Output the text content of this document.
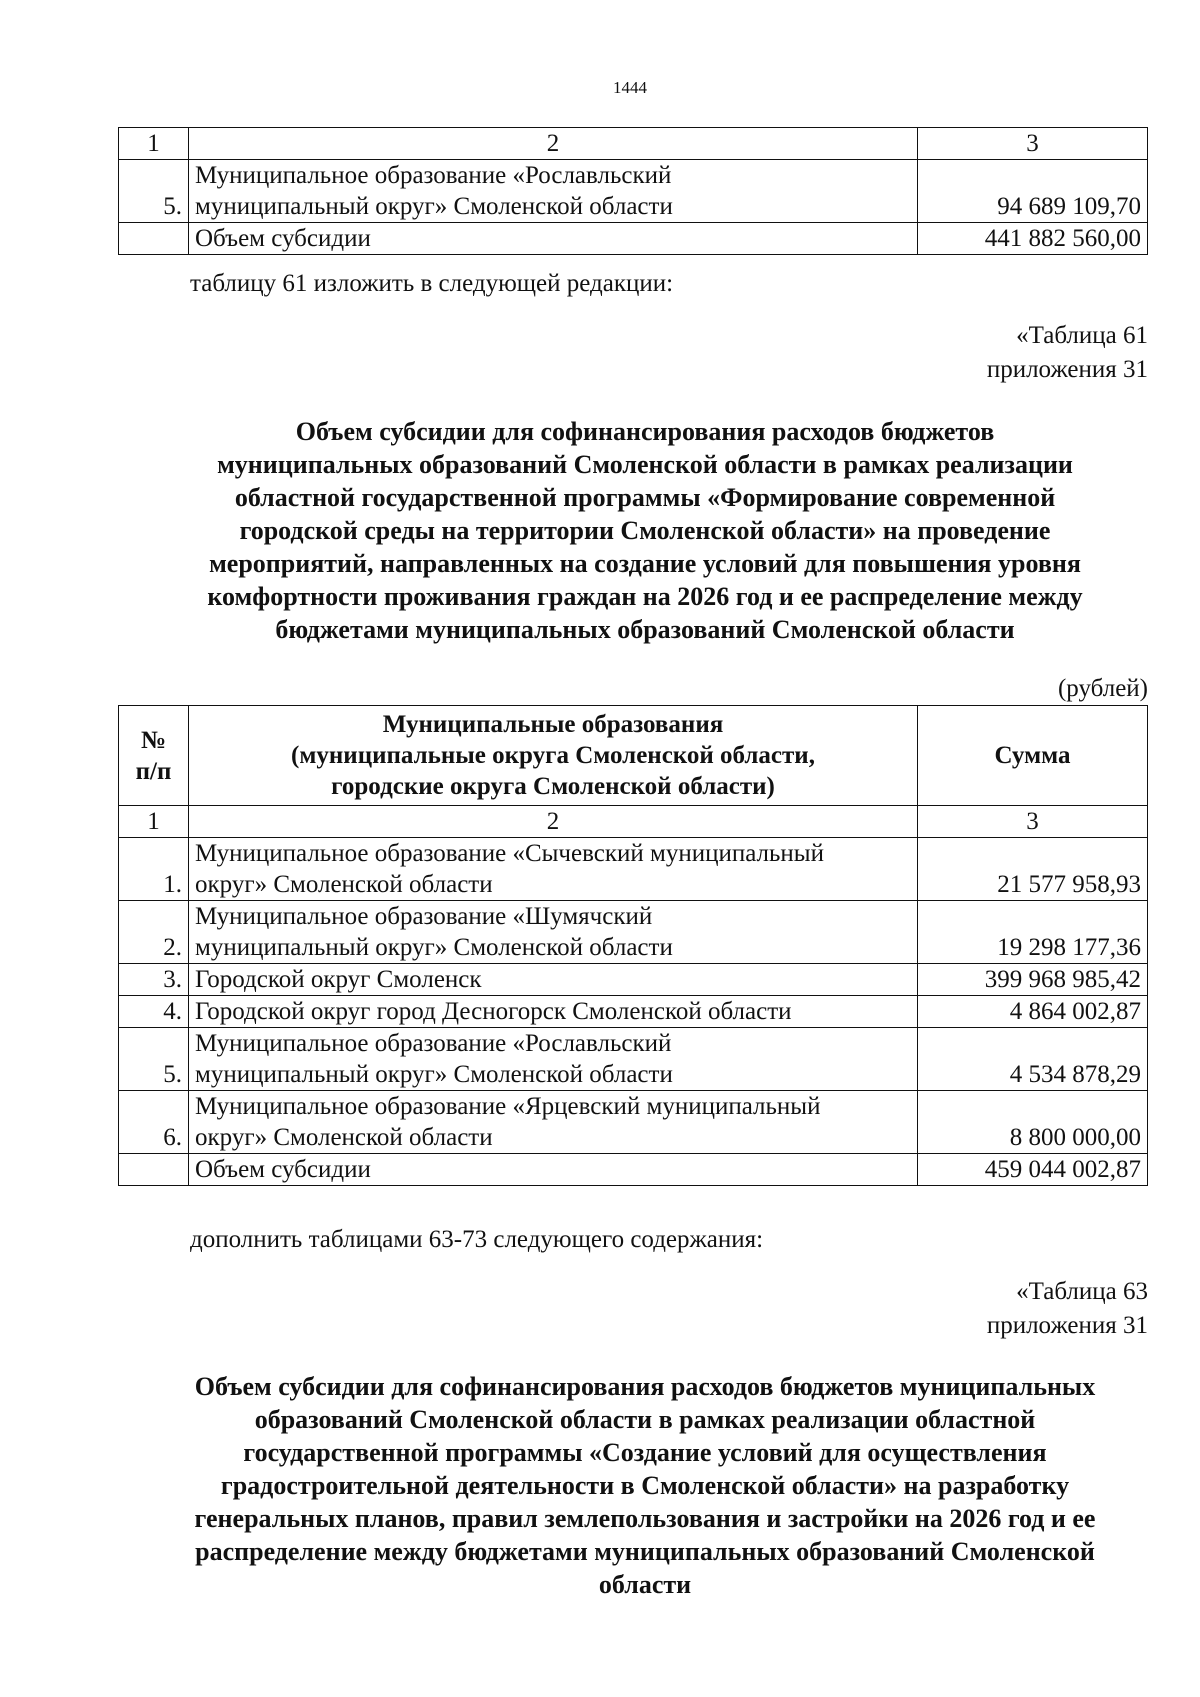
1444
1	2	3
5.	Муниципальное образование «Рославльский
муниципальный округ» Смоленской области	94 689 109,70
	Объем субсидии	441 882 560,00
таблицу 61 изложить в следующей редакции:
«Таблица 61
приложения 31
Объем субсидии для софинансирования расходов бюджетов
муниципальных образований Смоленской области в рамках реализации
областной государственной программы «Формирование современной
городской среды на территории Смоленской области» на проведение
мероприятий, направленных на создание условий для повышения уровня
комфортности проживания граждан на 2026 год и ее распределение между
бюджетами муниципальных образований Смоленской области
(рублей)
№
п/п	Муниципальные образования
(муниципальные округа Смоленской области,
городские округа Смоленской области)	Сумма
1	2	3
1.	Муниципальное образование «Сычевский муниципальный
округ» Смоленской области	21 577 958,93
2.	Муниципальное образование «Шумячский
муниципальный округ» Смоленской области	19 298 177,36
3.	Городской округ Смоленск	399 968 985,42
4.	Городской округ город Десногорск Смоленской области	4 864 002,87
5.	Муниципальное образование «Рославльский
муниципальный округ» Смоленской области	4 534 878,29
6.	Муниципальное образование «Ярцевский муниципальный
округ» Смоленской области	8 800 000,00
	Объем субсидии	459 044 002,87
дополнить таблицами 63-73 следующего содержания:
«Таблица 63
приложения 31
Объем субсидии для софинансирования расходов бюджетов муниципальных
образований Смоленской области в рамках реализации областной
государственной программы «Создание условий для осуществления
градостроительной деятельности в Смоленской области» на разработку
генеральных планов, правил землепользования и застройки на 2026 год и ее
распределение между бюджетами муниципальных образований Смоленской
области
